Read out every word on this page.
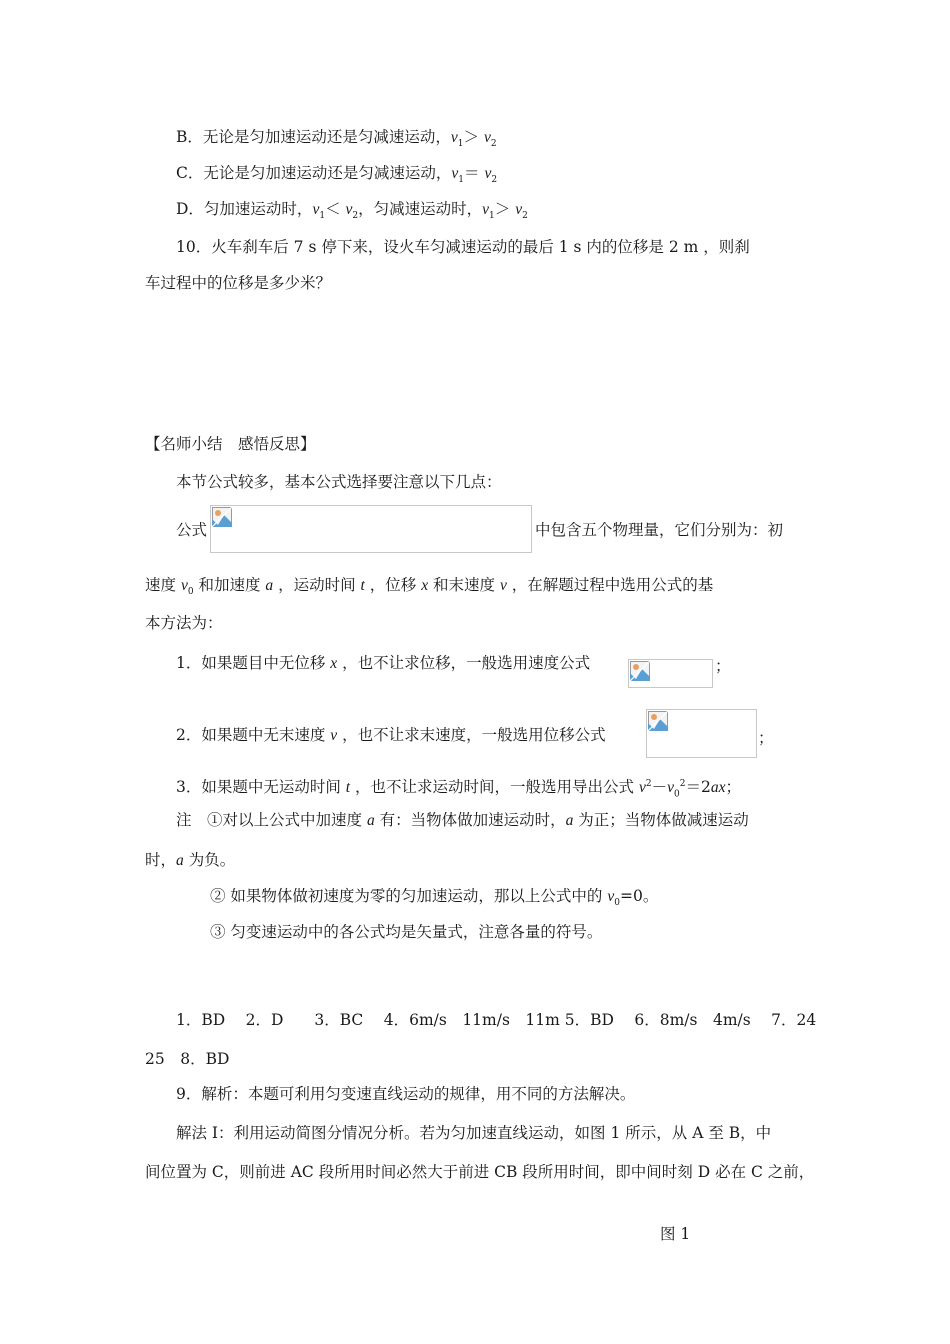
B．无论是匀加速运动还是匀减速运动，$v_1> v_2$
C．无论是匀加速运动还是匀减速运动，$v_1= v_2$
D．匀加速运动时，$v_1< v_2$，匀减速运动时，$v_1> v_2$
10．火车刹车后 7 s 停下来，设火车匀减速运动的最后 1 s 内的位移是 2 m ，则刹
车过程中的位移是多少米？
【名师小结　感悟反思】
本节公式较多，基本公式选择要注意以下几点：
公式	中包含五个物理量，它们分别为：初
速度 $v_0$ 和加速度 a ，运动时间 t ，位移 x 和末速度 v ，在解题过程中选用公式的基
本方法为：
1．如果题目中无位移 x ，也不让求位移，一般选用速度公式	；
2．如果题中无末速度 v ，也不让求末速度，一般选用位移公式	；
3．如果题中无运动时间 t ，也不让求运动时间，一般选用导出公式 $v^2-v_0^2=2ax$；
注　①对以上公式中加速度 a 有：当物体做加速运动时，a 为正；当物体做减速运动
时，a 为负。
② 如果物体做初速度为零的匀加速运动，那以上公式中的 $v_0=0$。
③ 匀变速运动中的各公式均是矢量式，注意各量的符号。
1．BD　 2．D　　3．BC　 4．6m/s　11m/s　11m 5．BD　 6．8m/s　4m/s　 7．24
25　8．BD
9．解析：本题可利用匀变速直线运动的规律，用不同的方法解决。
解法 I：利用运动简图分情况分析。若为匀加速直线运动，如图 1 所示，从 A 至 B，中
间位置为 C，则前进 AC 段所用时间必然大于前进 CB 段所用时间，即中间时刻 D 必在 C 之前，
图 1
